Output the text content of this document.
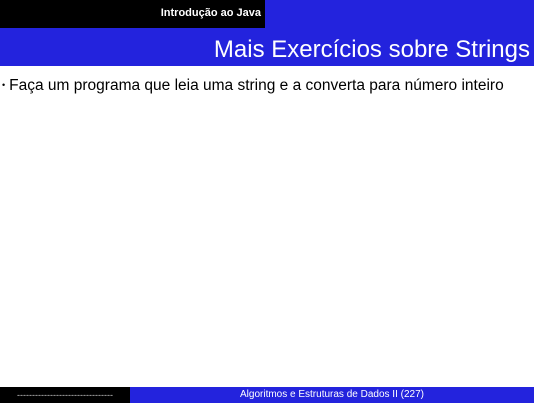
Introdução ao Java
Mais Exercícios sobre Strings
• Faça um programa que leia uma string e a converta para número inteiro
--------------------------------	Algoritmos e Estruturas de Dados II (227)
